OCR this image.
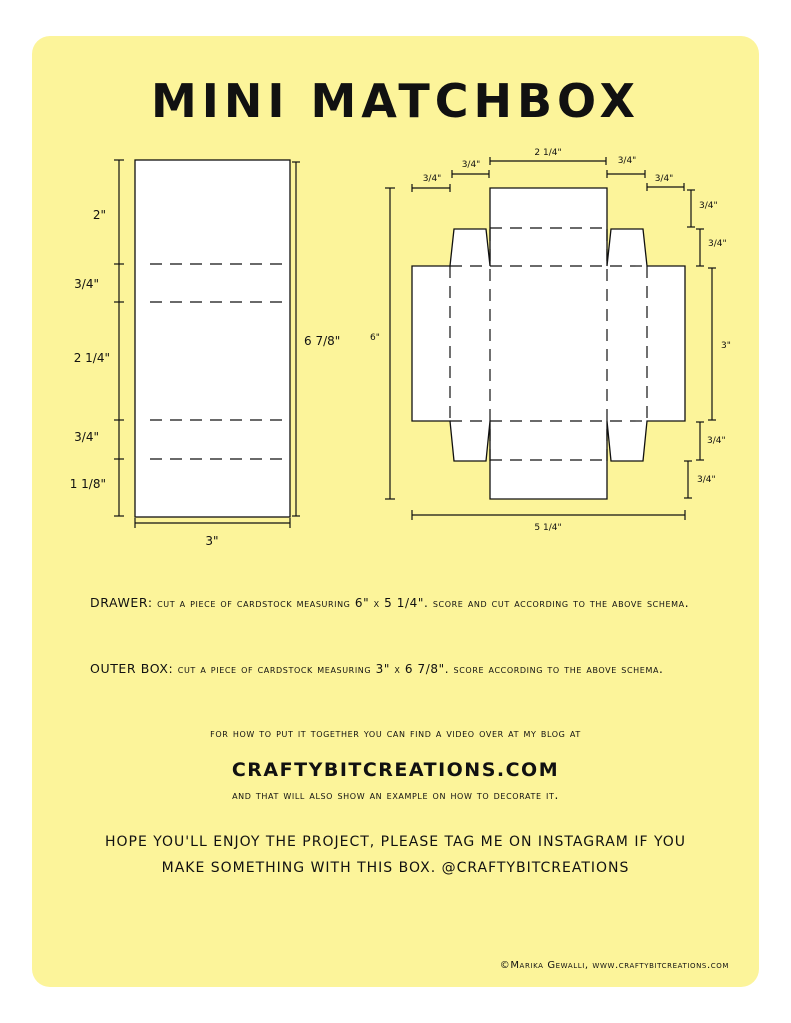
MINI MATCHBOX
2"
3/4"
2 1/4"
3/4"
1 1/8"
6 7/8"
3"
6"
5 1/4"
3/4"
3/4"
2 1/4"
3/4"
3/4"
3/4"
3/4"
3"
3/4"
3/4"

DRAWER: cut a piece of cardstock measuring 6" x 5 1/4". score and cut according to the above schema.

OUTER BOX: cut a piece of cardstock measuring 3" x 6 7/8". score according to the above schema.

for how to put it together you can find a video over at my blog at

CRAFTYBITCREATIONS.COM

and that will also show an example on how to decorate it.

HOPE YOU'LL ENJOY THE PROJECT, PLEASE TAG ME ON INSTAGRAM IF YOU

MAKE SOMETHING WITH THIS BOX. @CRAFTYBITCREATIONS

©Marika Gewalli, www.craftybitcreations.com
